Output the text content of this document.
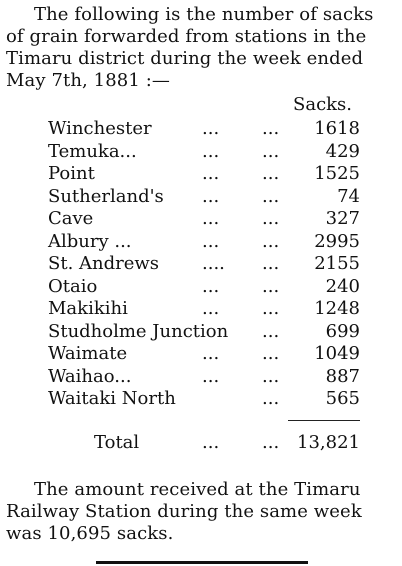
The following is the number of sacks
of grain forwarded from stations in the
Timaru district during the week ended
May 7th, 1881 :—
Sacks.
Winchester	... ... 1618
Temuka...	... ...	429
Point	... ... 1525
Sutherland's ... ...	74
Cave	... ...	327
Albury ...	... ... 2995
St. Andrews .... ... 2155
Otaio	... ...	240
Makikihi	... ... 1248
Studholme Junction ...	699
Waimate	... ... 1049
Waihao...	... ...	887
Waitaki North	...	565
Total	... ... 13,821
The amount received at the Timaru
Railway Station during the same week
was 10,695 sacks.
